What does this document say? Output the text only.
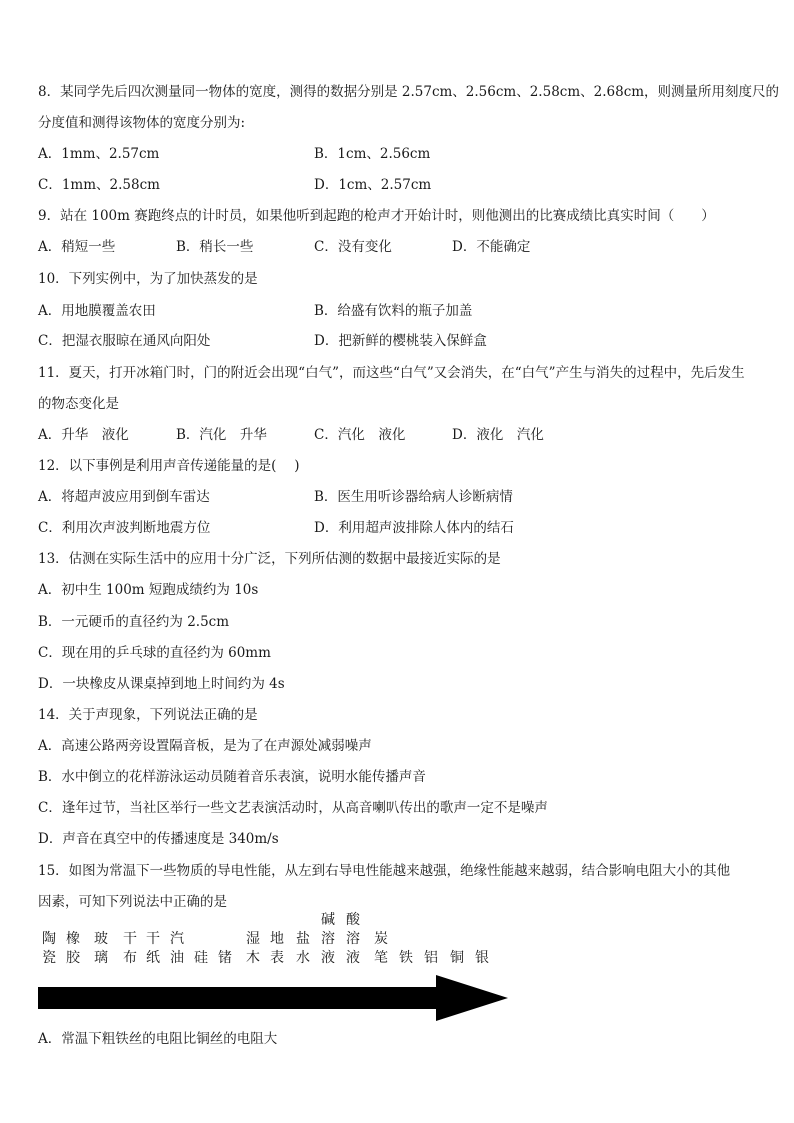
8．某同学先后四次测量同一物体的宽度，测得的数据分别是 2.57cm、2.56cm、2.58cm、2.68cm，则测量所用刻度尺的
分度值和测得该物体的宽度分别为:
A．1mm、2.57cm	B．1cm、2.56cm
C．1mm、2.58cm	D．1cm、2.57cm
9．站在 100m 赛跑终点的计时员，如果他听到起跑的枪声才开始计时，则他测出的比赛成绩比真实时间（　　）
A．稍短一些	B．稍长一些	C．没有变化	D．不能确定
10．下列实例中，为了加快蒸发的是
A．用地膜覆盖农田	B．给盛有饮料的瓶子加盖
C．把湿衣服晾在通风向阳处	D．把新鲜的樱桃装入保鲜盒
11．夏天，打开冰箱门时，门的附近会出现“白气”，而这些“白气”又会消失，在“白气”产生与消失的过程中，先后发生
的物态变化是
A．升华　液化	B．汽化　升华	C．汽化　液化	D．液化　汽化
12．以下事例是利用声音传递能量的是(　 )
A．将超声波应用到倒车雷达	B．医生用听诊器给病人诊断病情
C．利用次声波判断地震方位	D．利用超声波排除人体内的结石
13．估测在实际生活中的应用十分广泛，下列所估测的数据中最接近实际的是
A．初中生 100m 短跑成绩约为 10s
B．一元硬币的直径约为 2.5cm
C．现在用的乒乓球的直径约为 60mm
D．一块橡皮从课桌掉到地上时间约为 4s
14．关于声现象，下列说法正确的是
A．高速公路两旁设置隔音板，是为了在声源处减弱噪声
B．水中倒立的花样游泳运动员随着音乐表演，说明水能传播声音
C．逢年过节，当社区举行一些文艺表演活动时，从高音喇叭传出的歌声一定不是噪声
D．声音在真空中的传播速度是 340m/s
15．如图为常温下一些物质的导电性能，从左到右导电性能越来越强，绝缘性能越来越弱，结合影响电阻大小的其他
因素，可知下列说法中正确的是
陶
瓷
橡
胶
玻
璃
干
布
干
纸
汽
油 硅 锗
湿
木
地
表
盐
水
碱
溶
液
酸
溶
液
炭
笔 铁 铝 铜 银
A．常温下粗铁丝的电阻比铜丝的电阻大
